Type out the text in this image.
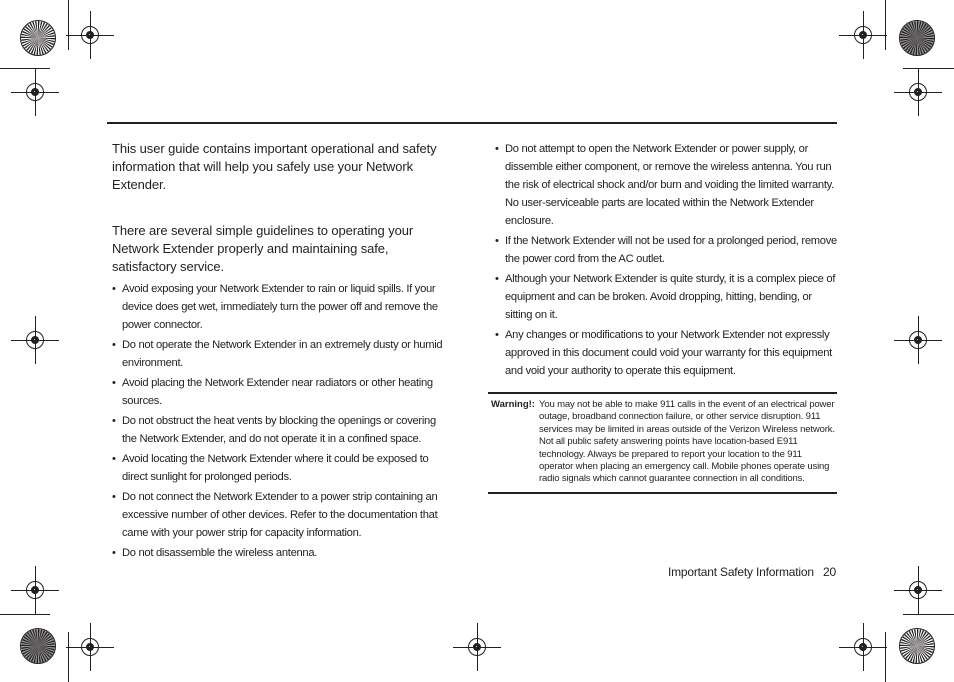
This user guide contains important operational and safety information that will help you safely use your Network Extender.

There are several simple guidelines to operating your Network Extender properly and maintaining safe, satisfactory service.

• Avoid exposing your Network Extender to rain or liquid spills. If your device does get wet, immediately turn the power off and remove the power connector.
• Do not operate the Network Extender in an extremely dusty or humid environment.
• Avoid placing the Network Extender near radiators or other heating sources.
• Do not obstruct the heat vents by blocking the openings or covering the Network Extender, and do not operate it in a confined space.
• Avoid locating the Network Extender where it could be exposed to direct sunlight for prolonged periods.
• Do not connect the Network Extender to a power strip containing an excessive number of other devices. Refer to the documentation that came with your power strip for capacity information.
• Do not disassemble the wireless antenna.
• Do not attempt to open the Network Extender or power supply, or dissemble either component, or remove the wireless antenna. You run the risk of electrical shock and/or burn and voiding the limited warranty. No user-serviceable parts are located within the Network Extender enclosure.
• If the Network Extender will not be used for a prolonged period, remove the power cord from the AC outlet.
• Although your Network Extender is quite sturdy, it is a complex piece of equipment and can be broken. Avoid dropping, hitting, bending, or sitting on it.
• Any changes or modifications to your Network Extender not expressly approved in this document could void your warranty for this equipment and void your authority to operate this equipment.
Warning!: You may not be able to make 911 calls in the event of an electrical power outage, broadband connection failure, or other service disruption. 911 services may be limited in areas outside of the Verizon Wireless network. Not all public safety answering points have location-based E911 technology. Always be prepared to report your location to the 911 operator when placing an emergency call. Mobile phones operate using radio signals which cannot guarantee connection in all conditions.
Important Safety Information 20
